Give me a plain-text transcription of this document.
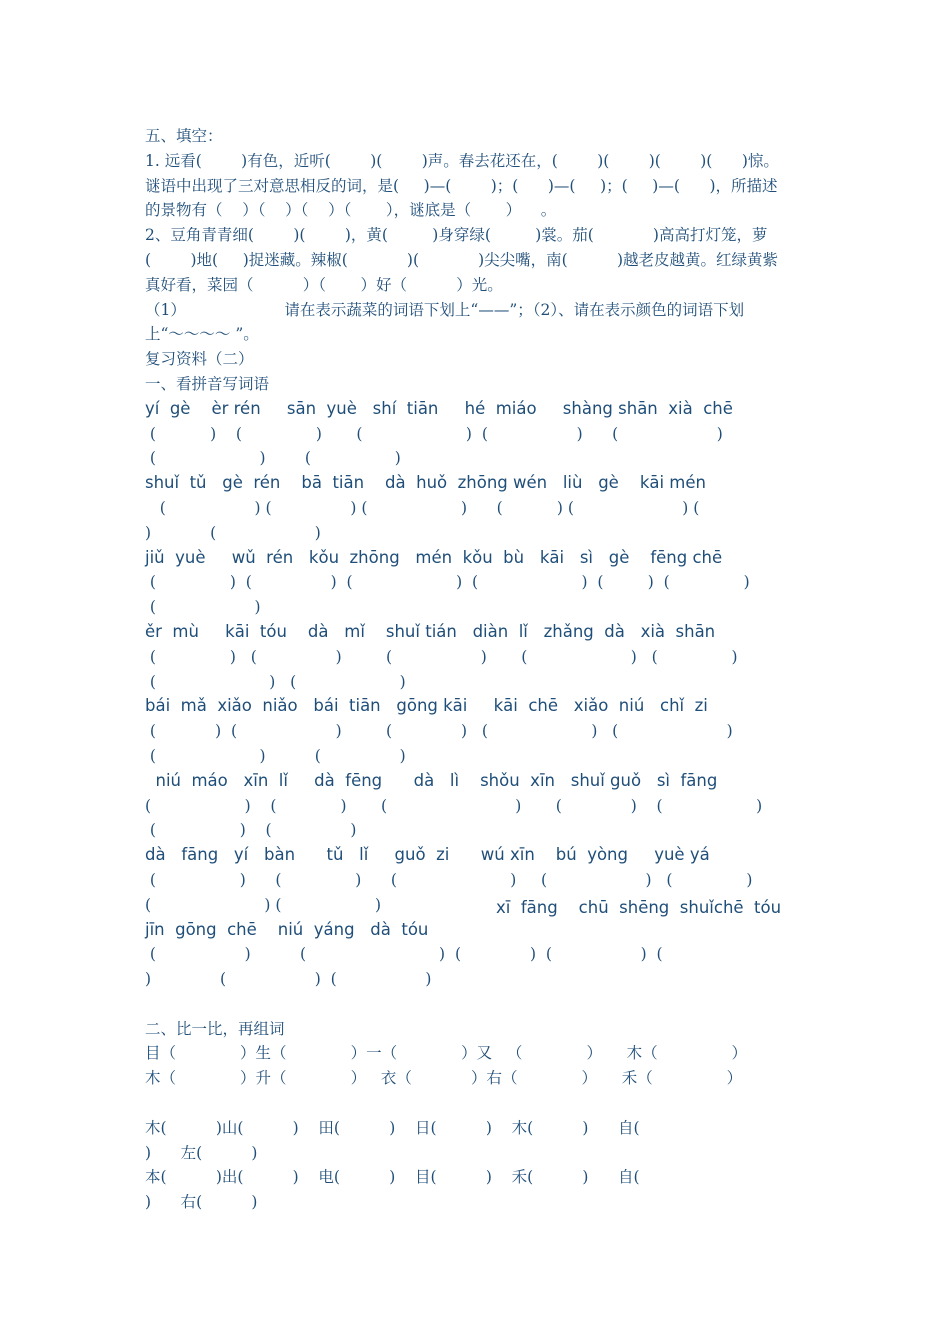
五、填空：
1. 远看(        )有色，近听(        )(        )声。春去花还在，(        )(        )(        )(      )惊。
谜语中出现了三对意思相反的词，是(     )—(        )；(      )—(     )；(     )—(      )，所描述
的景物有（    ）（    ）（    ）（       ），谜底是（       ）    。
2、豆角青青细(        )(        )，黄(         )身穿绿(         )裳。茄(            )高高打灯笼，萝
(        )地(     )捉迷藏。辣椒(            )(            )尖尖嘴，南(          )越老皮越黄。红绿黄紫
真好看，菜园（          ）（       ）好（          ）光。
（1）                    请在表示蔬菜的词语下划上“——”；（2）、请在表示颜色的词语下划
上“～～～～ ”。
复习资料（二）
一、看拼音写词语
yí  gè    èr rén     sān  yuè   shí  tiān     hé  miáo     shàng shān  xià  chē
(           )    (               )       (                     )  (                  )      (                    )
(                     )        (                 )
shuǐ  tǔ   gè  rén    bā  tiān    dà  huǒ  zhōng wén   liù   gè    kāi mén
(                  ) (                ) (                   )      (           ) (                      ) (
)            (                    )
jiǔ  yuè     wǔ  rén   kǒu  zhōng   mén  kǒu  bù   kāi   sì   gè    fēng chē
(               )  (                )  (                     )  (                     )  (         )  (               )
(                    )
ěr  mù     kāi  tóu    dà   mǐ    shuǐ tián   diàn  lǐ   zhǎng  dà   xià  shān
(               )   (                )         (                  )       (                     )   (               )
(                       )   (                     )
bái  mǎ  xiǎo  niǎo   bái  tiān   gōng kāi     kāi  chē   xiǎo  niú   chǐ  zi
(            )  (                    )         (              )   (                     )   (                      )
(                     )          (                )
niú  máo   xīn  lǐ     dà  fēng      dà   lì    shǒu  xīn   shuǐ guǒ   sì  fāng
(                   )    (             )       (                          )       (              )    (                   )
(                 )    (                )
dà   fāng   yí   bàn      tǔ   lǐ     guǒ  zi      wú xīn    bú  yòng     yuè yá
(                 )      (               )      (                       )     (                    )   (               )
(                       ) (                   )
jīn  gōng  chē    niú  yáng   dà  tóu
(                  )          (                           )  (              )  (                  )  (
)              (                  )  (                  )
二、比一比，再组词
目（             ）生（             ）一（             ）又   （             ）     木（               ）
木（             ）升（             ）   衣（            ）右（             ）     禾（               ）
木(          )山(          )    田(          )    日(          )    木(          )      自(
)      左(          )
本(          )出(          )    电(          )    目(          )    禾(          )      自(
)      右(          )
xī  fāng    chū  shēng  shuǐchē  tóu
